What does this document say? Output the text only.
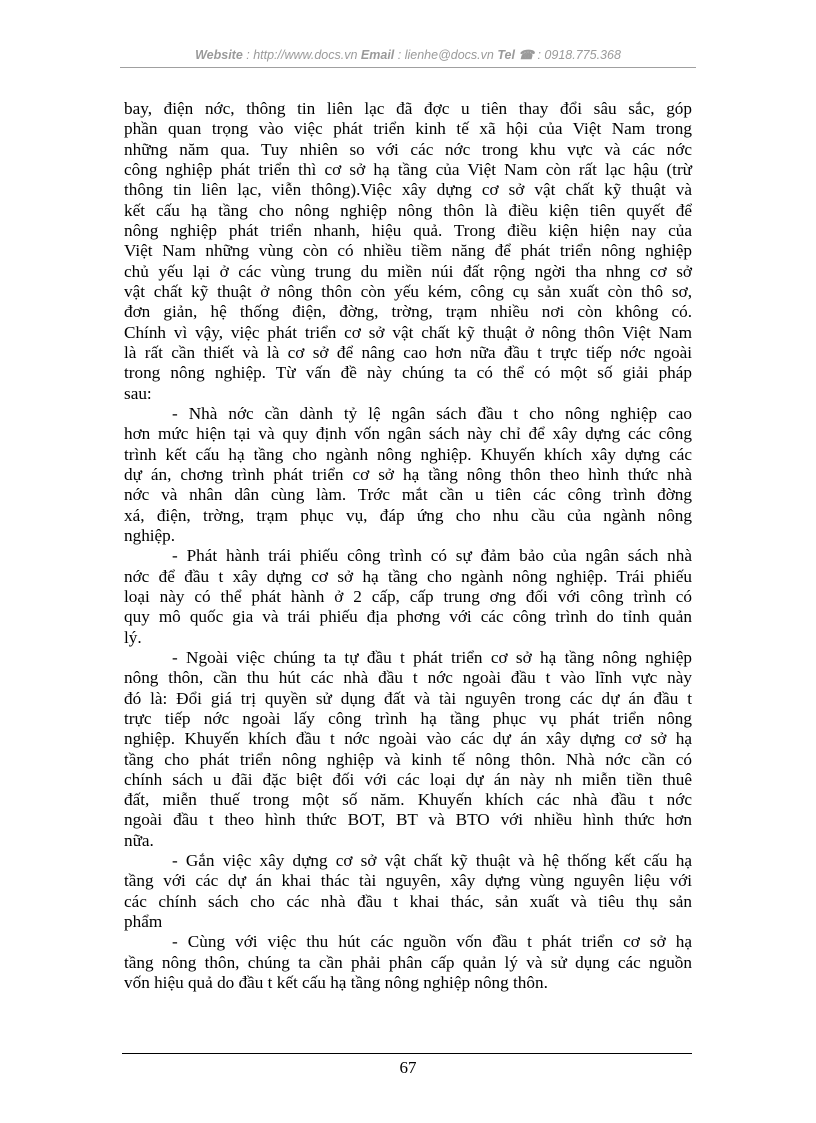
Website : http://www.docs.vn Email : lienhe@docs.vn Tel ☎ : 0918.775.368
bay, điện nớc, thông tin liên lạc đã đợc u tiên thay đổi sâu sắc, góp
phần quan trọng vào việc phát triển kinh tế xã hội của Việt Nam trong
những năm qua. Tuy nhiên so với các nớc trong khu vực và các nớc
công nghiệp phát triển thì cơ sở hạ tầng của Việt Nam còn rất lạc hậu (trừ
thông tin liên lạc, viễn thông).Việc xây dựng cơ sở vật chất kỹ thuật và
kết cấu hạ tầng cho nông nghiệp nông thôn là điều kiện tiên quyết để
nông nghiệp phát triển nhanh, hiệu quả. Trong điều kiện hiện nay của
Việt Nam những vùng còn có nhiều tiềm năng để phát triển nông nghiệp
chủ yếu lại ở các vùng trung du miền núi đất rộng ngời tha nhng cơ sở
vật chất kỹ thuật ở nông thôn còn yếu kém, công cụ sản xuất còn thô sơ,
đơn giản, hệ thống điện, đờng, trờng, trạm nhiều nơi còn không có.
Chính vì vậy, việc phát triển cơ sở vật chất kỹ thuật ở nông thôn Việt Nam
là rất cần thiết và là cơ sở để nâng cao hơn nữa đầu t trực tiếp nớc ngoài
trong nông nghiệp. Từ vấn đề này chúng ta có thể có một số giải pháp
sau:
- Nhà nớc cần dành tỷ lệ ngân sách đầu t cho nông nghiệp cao
hơn mức hiện tại và quy định vốn ngân sách này chỉ để xây dựng các công
trình kết cấu hạ tầng cho ngành nông nghiệp. Khuyến khích xây dựng các
dự án, chơng trình phát triển cơ sở hạ tầng nông thôn theo hình thức nhà
nớc và nhân dân cùng làm. Trớc mắt cần u tiên các công trình đờng
xá, điện, trờng, trạm phục vụ, đáp ứng cho nhu cầu của ngành nông
nghiệp.
- Phát hành trái phiếu công trình có sự đảm bảo của ngân sách nhà
nớc để đầu t xây dựng cơ sở hạ tầng cho ngành nông nghiệp. Trái phiếu
loại này có thể phát hành ở 2 cấp, cấp trung ơng đối với công trình có
quy mô quốc gia và trái phiếu địa phơng với các công trình do tỉnh quản
lý.
- Ngoài việc chúng ta tự đầu t phát triển cơ sở hạ tầng nông nghiệp
nông thôn, cần thu hút các nhà đầu t nớc ngoài đầu t vào lĩnh vực này
đó là: Đổi giá trị quyền sử dụng đất và tài nguyên trong các dự án đầu t
trực tiếp nớc ngoài lấy công trình hạ tầng phục vụ phát triển nông
nghiệp. Khuyến khích đầu t nớc ngoài vào các dự án xây dựng cơ sở hạ
tầng cho phát triển nông nghiệp và kinh tế nông thôn. Nhà nớc cần có
chính sách u đãi đặc biệt đối với các loại dự án này nh miễn tiền thuê
đất, miễn thuế trong một số năm. Khuyến khích các nhà đầu t nớc
ngoài đầu t theo hình thức BOT, BT và BTO với nhiều hình thức hơn
nữa.
- Gắn việc xây dựng cơ sở vật chất kỹ thuật và hệ thống kết cấu hạ
tầng với các dự án khai thác tài nguyên, xây dựng vùng nguyên liệu với
các chính sách cho các nhà đầu t khai thác, sản xuất và tiêu thụ sản
phẩm
- Cùng với việc thu hút các nguồn vốn đầu t phát triển cơ sở hạ
tầng nông thôn, chúng ta cần phải phân cấp quản lý và sử dụng các nguồn
vốn hiệu quả do đầu t kết cấu hạ tầng nông nghiệp nông thôn.
67
